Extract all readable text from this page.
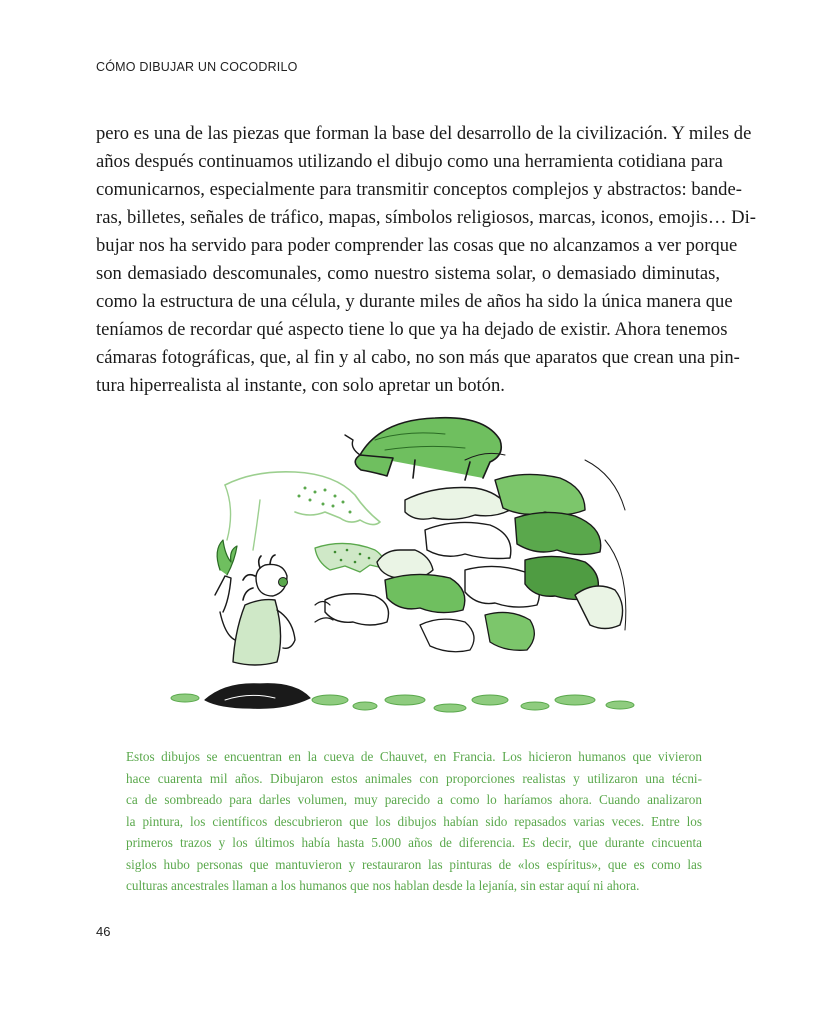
CÓMO DIBUJAR UN COCODRILO
pero es una de las piezas que forman la base del desarrollo de la civilización. Y miles de
años después continuamos utilizando el dibujo como una herramienta cotidiana para
comunicarnos, especialmente para transmitir conceptos complejos y abstractos: bande-
ras, billetes, señales de tráfico, mapas, símbolos religiosos, marcas, iconos, emojis… Di-
bujar nos ha servido para poder comprender las cosas que no alcanzamos a ver porque
son demasiado descomunales, como nuestro sistema solar, o demasiado diminutas,
como la estructura de una célula, y durante miles de años ha sido la única manera que
teníamos de recordar qué aspecto tiene lo que ya ha dejado de existir. Ahora tenemos
cámaras fotográficas, que, al fin y al cabo, no son más que aparatos que crean una pin-
tura hiperrealista al instante, con solo apretar un botón.
Estos dibujos se encuentran en la cueva de Chauvet, en Francia. Los hicieron humanos que vivieron
hace cuarenta mil años. Dibujaron estos animales con proporciones realistas y utilizaron una técni-
ca de sombreado para darles volumen, muy parecido a como lo haríamos ahora. Cuando analizaron
la pintura, los científicos descubrieron que los dibujos habían sido repasados varias veces. Entre los
primeros trazos y los últimos había hasta 5.000 años de diferencia. Es decir, que durante cincuenta
siglos hubo personas que mantuvieron y restauraron las pinturas de «los espíritus», que es como las
culturas ancestrales llaman a los humanos que nos hablan desde la lejanía, sin estar aquí ni ahora.
46
